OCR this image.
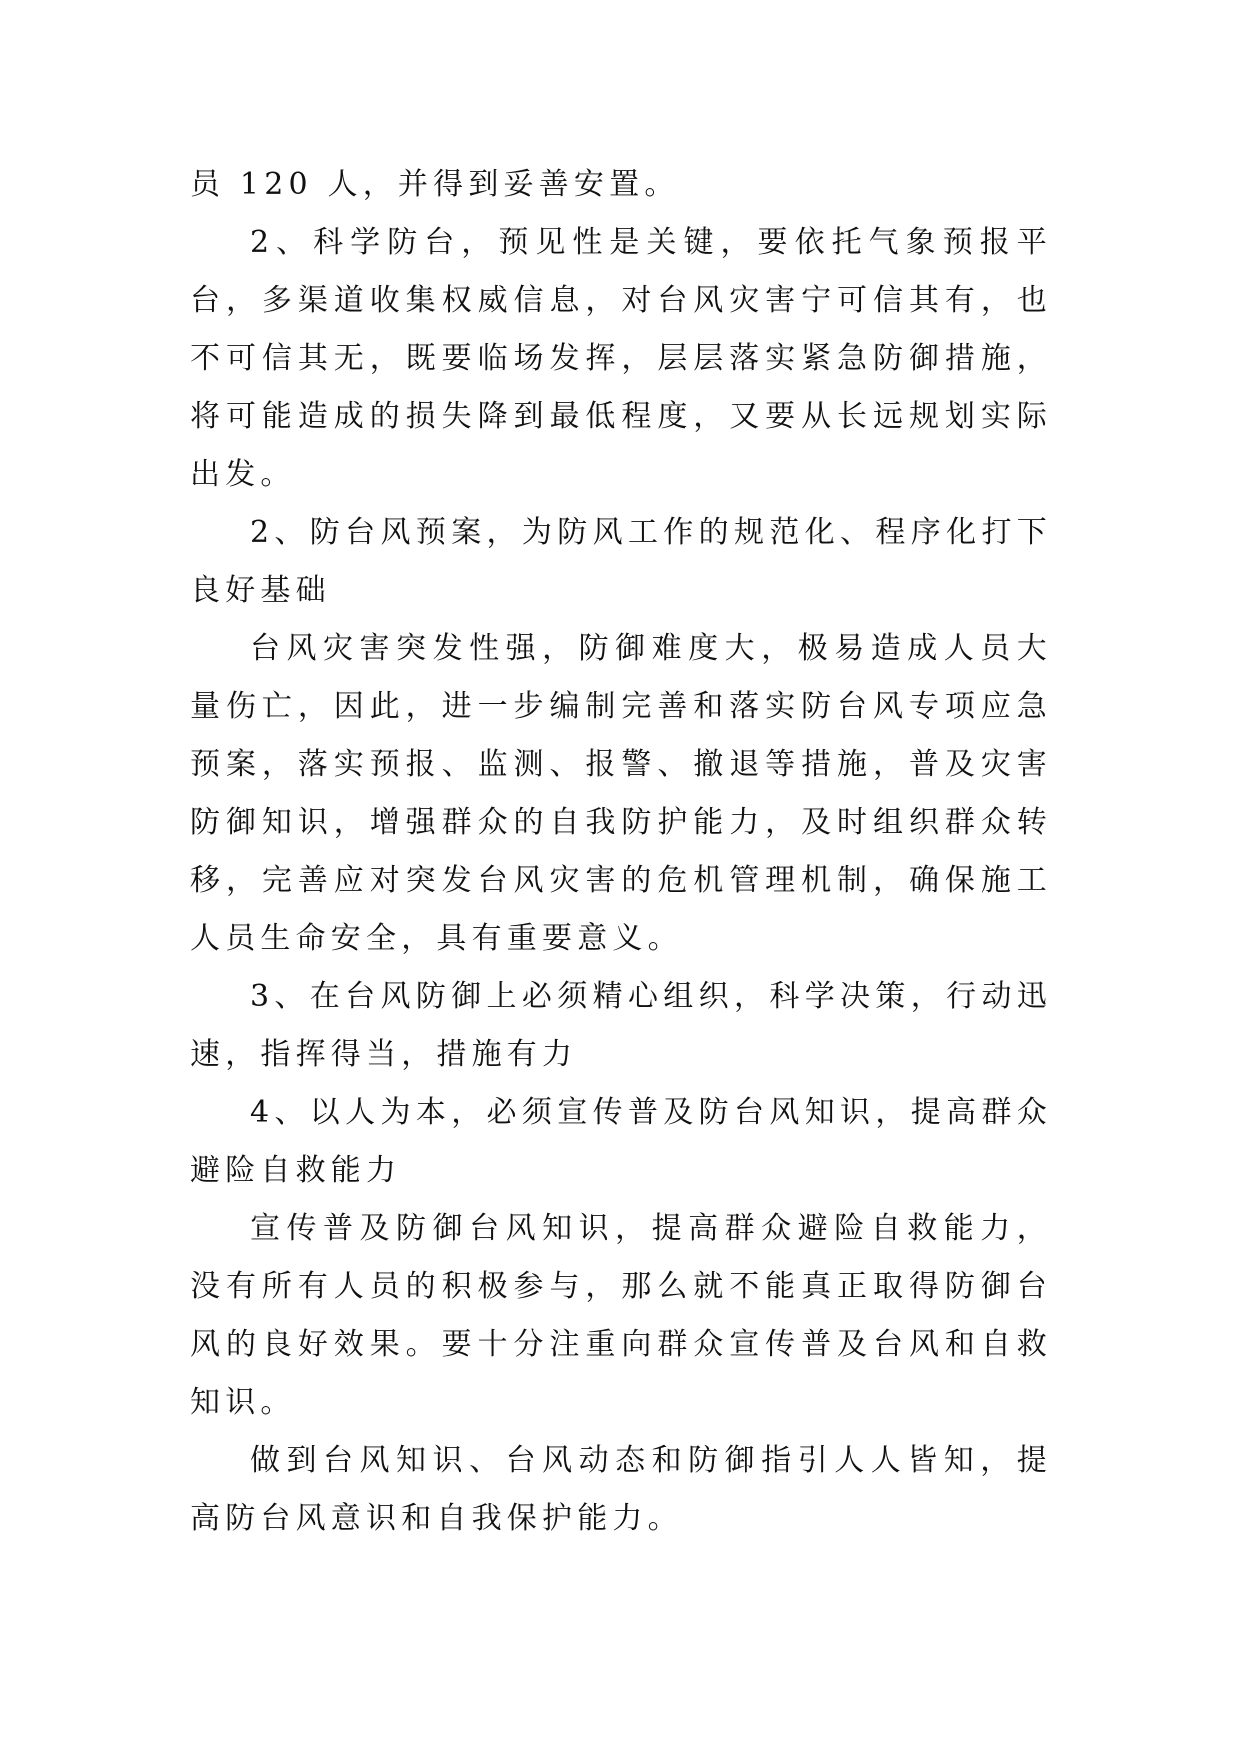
员 120 人，并得到妥善安置。

2、科学防台，预见性是关键，要依托气象预报平台，多渠道收集权威信息，对台风灾害宁可信其有，也不可信其无，既要临场发挥，层层落实紧急防御措施，将可能造成的损失降到最低程度，又要从长远规划实际出发。

2、防台风预案，为防风工作的规范化、程序化打下良好基础

台风灾害突发性强，防御难度大，极易造成人员大量伤亡，因此，进一步编制完善和落实防台风专项应急预案，落实预报、监测、报警、撤退等措施，普及灾害防御知识，增强群众的自我防护能力，及时组织群众转移，完善应对突发台风灾害的危机管理机制，确保施工人员生命安全，具有重要意义。

3、在台风防御上必须精心组织，科学决策，行动迅速，指挥得当，措施有力

4、以人为本，必须宣传普及防台风知识，提高群众避险自救能力

宣传普及防御台风知识，提高群众避险自救能力，没有所有人员的积极参与，那么就不能真正取得防御台风的良好效果。要十分注重向群众宣传普及台风和自救知识。

做到台风知识、台风动态和防御指引人人皆知，提高防台风意识和自我保护能力。
